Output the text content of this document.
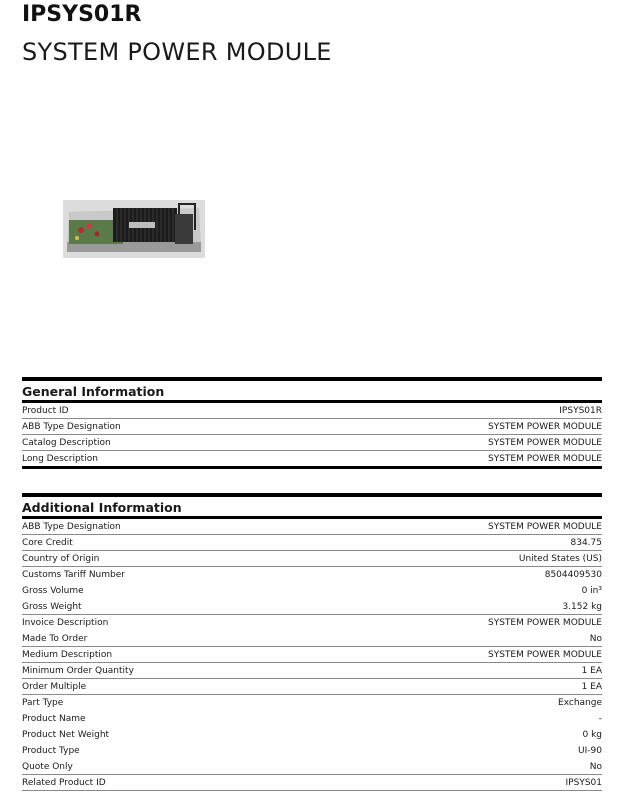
IPSYS01R
SYSTEM POWER MODULE
General Information
Product ID	IPSYS01R
ABB Type Designation	SYSTEM POWER MODULE
Catalog Description	SYSTEM POWER MODULE
Long Description	SYSTEM POWER MODULE
Additional Information
ABB Type Designation	SYSTEM POWER MODULE
Core Credit	834.75
Country of Origin	United States (US)
Customs Tariff Number	8504409530
Gross Volume	0 in³
Gross Weight	3.152 kg
Invoice Description	SYSTEM POWER MODULE
Made To Order	No
Medium Description	SYSTEM POWER MODULE
Minimum Order Quantity	1 EA
Order Multiple	1 EA
Part Type	Exchange
Product Name	-
Product Net Weight	0 kg
Product Type	UI-90
Quote Only	No
Related Product ID	IPSYS01
